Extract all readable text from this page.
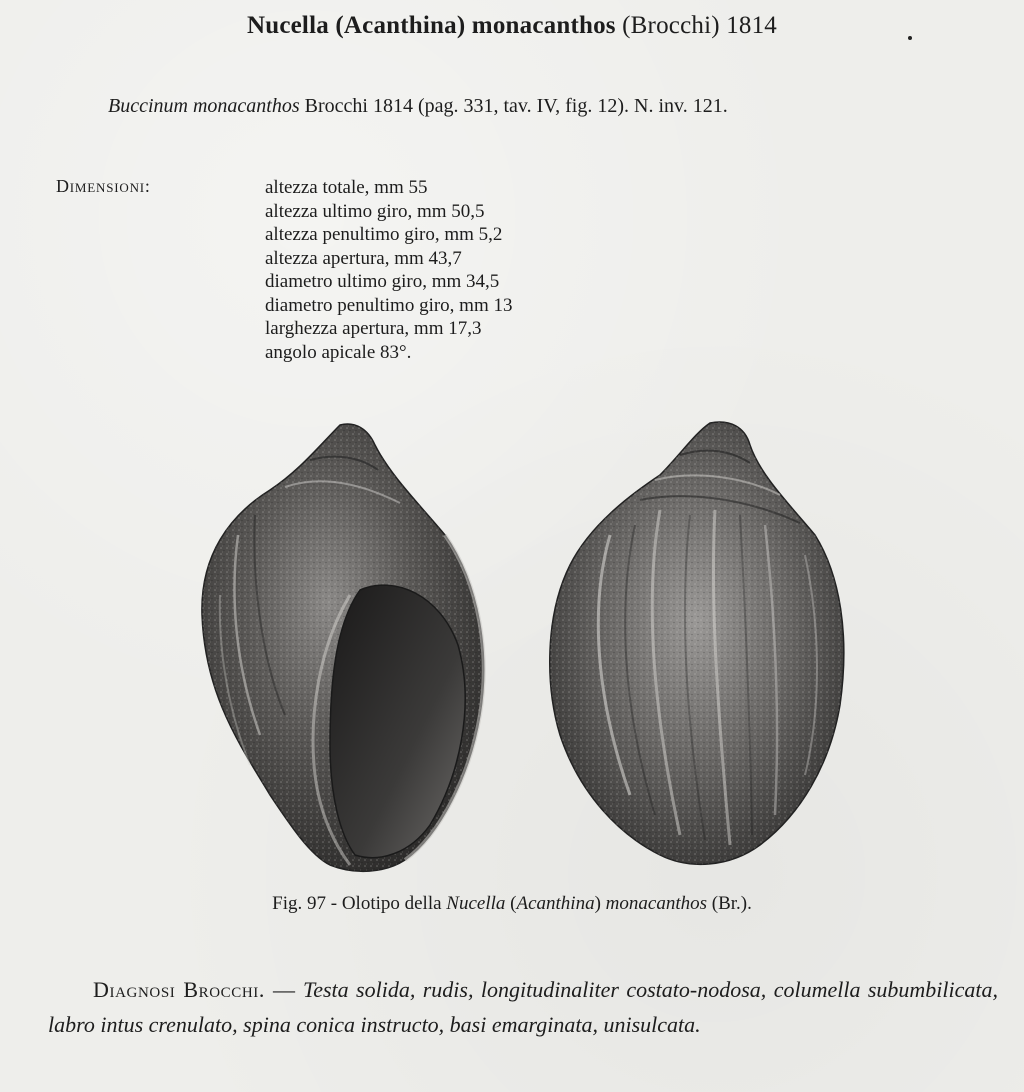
Nucella (Acanthina) monacanthos (Brocchi) 1814
Buccinum monacanthos Brocchi 1814 (pag. 331, tav. IV, fig. 12). N. inv. 121.
Dimensioni:	altezza totale, mm 55
altezza ultimo giro, mm 50,5
altezza penultimo giro, mm 5,2
altezza apertura, mm 43,7
diametro ultimo giro, mm 34,5
diametro penultimo giro, mm 13
larghezza apertura, mm 17,3
angolo apicale 83°.
Fig. 97 - Olotipo della Nucella (Acanthina) monacanthos (Br.).
Diagnosi Brocchi. — Testa solida, rudis, longitudinaliter costato-nodosa, columella subumbilicata, labro intus crenulato, spina conica instructo, basi emarginata, unisulcata.
